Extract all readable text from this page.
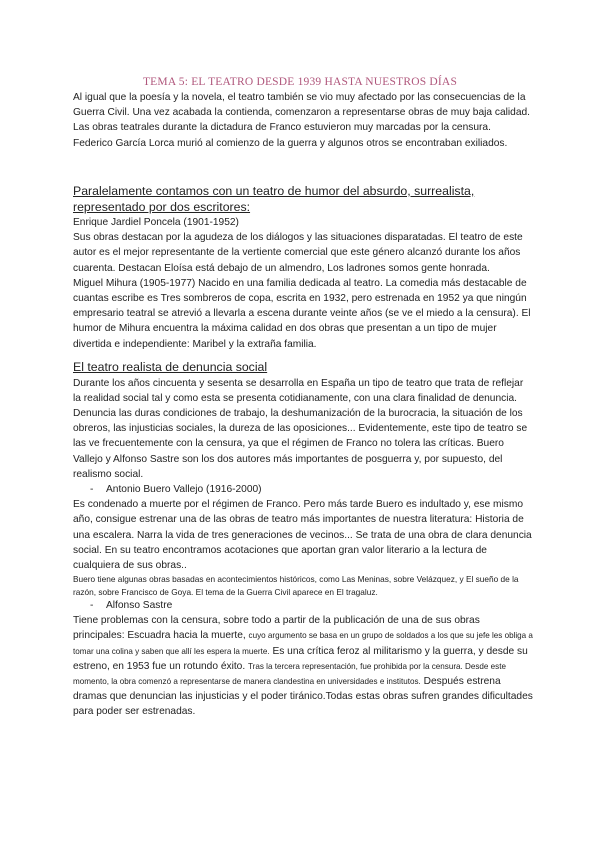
TEMA 5: EL TEATRO DESDE 1939 HASTA NUESTROS DÍAS

Al igual que la poesía y la novela, el teatro también se vio muy afectado por las consecuencias de la Guerra Civil. Una vez acabada la contienda, comenzaron a representarse obras de muy baja calidad. Las obras teatrales durante la dictadura de Franco estuvieron muy marcadas por la censura. Federico García Lorca murió al comienzo de la guerra y algunos otros se encontraban exiliados.

Paralelamente contamos con un teatro de humor del absurdo, surrealista, representado por dos escritores:

Enrique Jardiel Poncela (1901-1952)

Sus obras destacan por la agudeza de los diálogos y las situaciones disparatadas. El teatro de este autor es el mejor representante de la vertiente comercial que este género alcanzó durante los años cuarenta. Destacan Eloísa está debajo de un almendro, Los ladrones somos gente honrada.

Miguel Mihura (1905-1977) Nacido en una familia dedicada al teatro. La comedia más destacable de cuantas escribe es Tres sombreros de copa, escrita en 1932, pero estrenada en 1952 ya que ningún empresario teatral se atrevió a llevarla a escena durante veinte años (se ve el miedo a la censura). El humor de Mihura encuentra la máxima calidad en dos obras que presentan a un tipo de mujer divertida e independiente: Maribel y la extraña familia.

El teatro realista de denuncia social

Durante los años cincuenta y sesenta se desarrolla en España un tipo de teatro que trata de reflejar la realidad social tal y como esta se presenta cotidianamente, con una clara finalidad de denuncia. Denuncia las duras condiciones de trabajo, la deshumanización de la burocracia, la situación de los obreros, las injusticias sociales, la dureza de las oposiciones... Evidentemente, este tipo de teatro se las ve frecuentemente con la censura, ya que el régimen de Franco no tolera las críticas. Buero Vallejo y Alfonso Sastre son los dos autores más importantes de posguerra y, por supuesto, del realismo social.

- Antonio Buero Vallejo (1916-2000)

Es condenado a muerte por el régimen de Franco. Pero más tarde Buero es indultado y, ese mismo año, consigue estrenar una de las obras de teatro más importantes de nuestra literatura: Historia de una escalera. Narra la vida de tres generaciones de vecinos... Se trata de una obra de clara denuncia social. En su teatro encontramos acotaciones que aportan gran valor literario a la lectura de cualquiera de sus obras..

Buero tiene algunas obras basadas en acontecimientos históricos, como Las Meninas, sobre Velázquez, y El sueño de la razón, sobre Francisco de Goya. El tema de la Guerra Civil aparece en El tragaluz.

- Alfonso Sastre

Tiene problemas con la censura, sobre todo a partir de la publicación de una de sus obras principales: Escuadra hacia la muerte, cuyo argumento se basa en un grupo de soldados a los que su jefe les obliga a tomar una colina y saben que allí les espera la muerte. Es una crítica feroz al militarismo y la guerra, y desde su estreno, en 1953 fue un rotundo éxito. Tras la tercera representación, fue prohibida por la censura. Desde este momento, la obra comenzó a representarse de manera clandestina en universidades e institutos. Después estrena dramas que denuncian las injusticias y el poder tiránico.Todas estas obras sufren grandes dificultades para poder ser estrenadas.
